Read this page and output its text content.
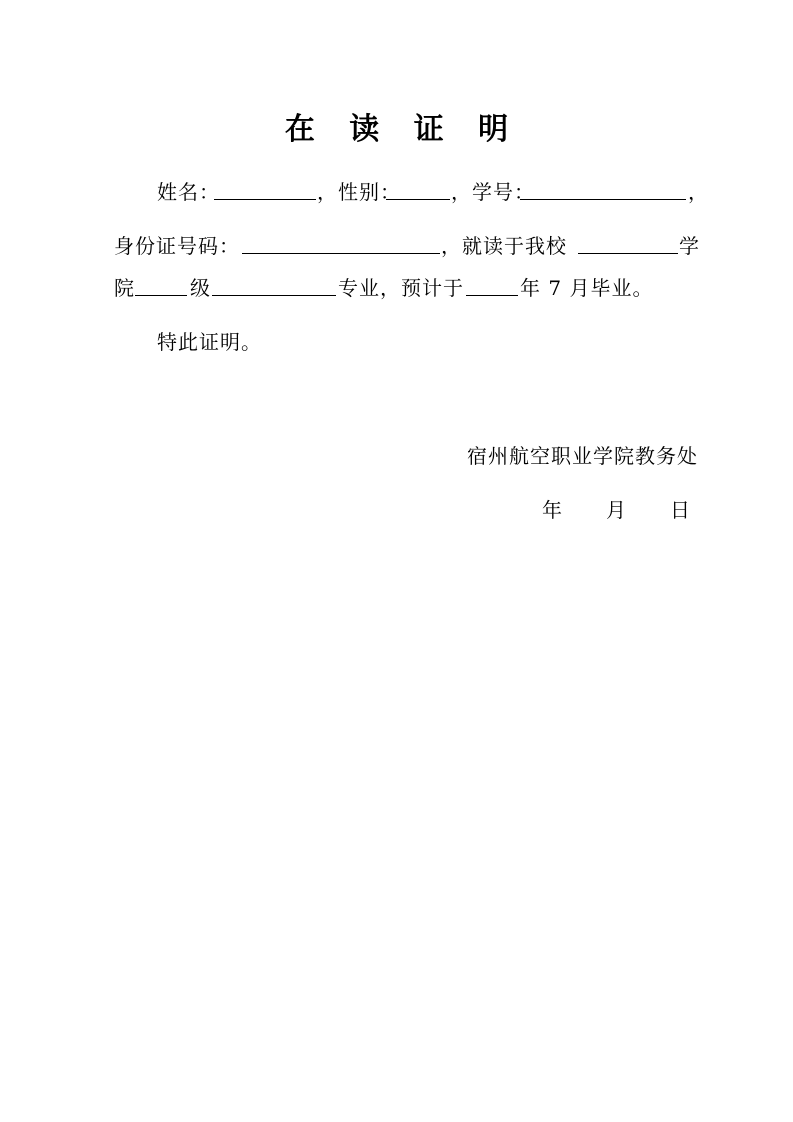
在 读 证 明
姓名：	，性别：	，学号：	，
身份证号码：	，就读于我校	学
院	级	专业，预计于	年 7 月毕业。
特此证明。
宿州航空职业学院教务处
年 月 日
